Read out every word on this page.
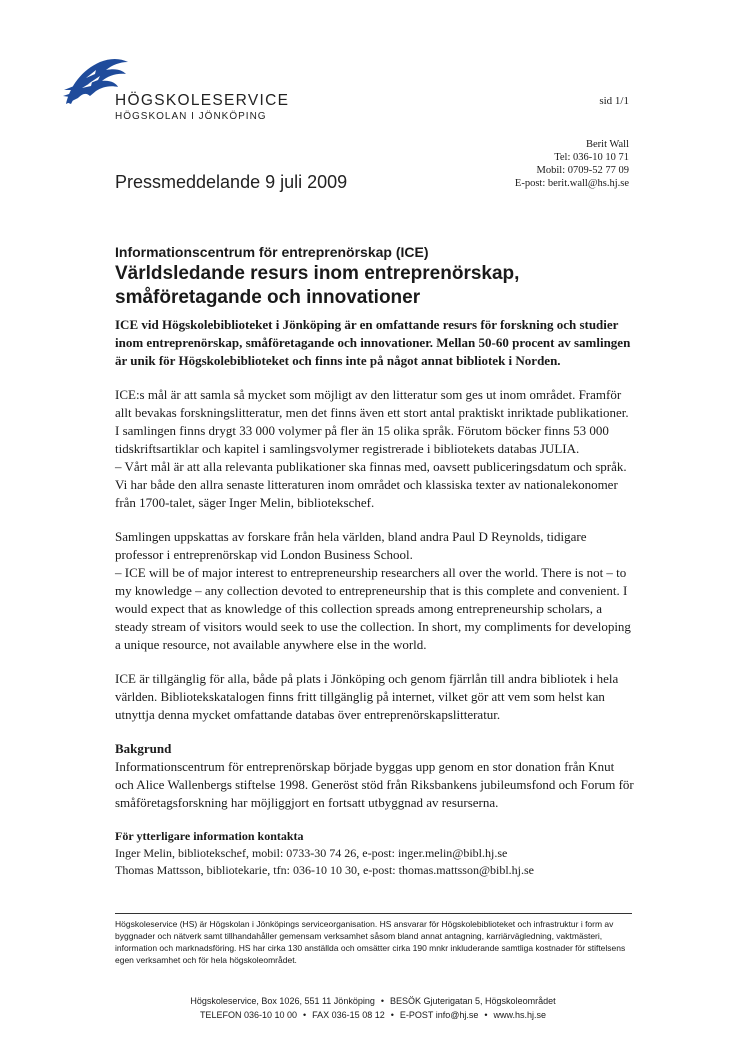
HÖGSKOLESERVICE
HÖGSKOLAN I JÖNKÖPING
sid 1/1
Berit Wall
Tel: 036-10 10 71
Mobil: 0709-52 77 09
E-post: berit.wall@hs.hj.se
Pressmeddelande 9 juli 2009
Informationscentrum för entreprenörskap (ICE)
Världsledande resurs inom entreprenörskap, småföretagande och innovationer

ICE vid Högskolebiblioteket i Jönköping är en omfattande resurs för forskning och studier inom entreprenörskap, småföretagande och innovationer. Mellan 50-60 procent av samlingen är unik för Högskolebiblioteket och finns inte på något annat bibliotek i Norden.

ICE:s mål är att samla så mycket som möjligt av den litteratur som ges ut inom området. Framför allt bevakas forskningslitteratur, men det finns även ett stort antal praktiskt inriktade publikationer. I samlingen finns drygt 33 000 volymer på fler än 15 olika språk. Förutom böcker finns 53 000 tidskriftsartiklar och kapitel i samlingsvolymer registrerade i bibliotekets databas JULIA.
– Vårt mål är att alla relevanta publikationer ska finnas med, oavsett publiceringsdatum och språk. Vi har både den allra senaste litteraturen inom området och klassiska texter av nationalekonomer från 1700-talet, säger Inger Melin, bibliotekschef.

Samlingen uppskattas av forskare från hela världen, bland andra Paul D Reynolds, tidigare professor i entreprenörskap vid London Business School.
– ICE will be of major interest to entrepreneurship researchers all over the world. There is not – to my knowledge – any collection devoted to entrepreneurship that is this complete and convenient. I would expect that as knowledge of this collection spreads among entrepreneurship scholars, a steady stream of visitors would seek to use the collection. In short, my compliments for developing a unique resource, not available anywhere else in the world.

ICE är tillgänglig för alla, både på plats i Jönköping och genom fjärrlån till andra bibliotek i hela världen. Bibliotekskatalogen finns fritt tillgänglig på internet, vilket gör att vem som helst kan utnyttja denna mycket omfattande databas över entreprenörskapslitteratur.

Bakgrund

Informationscentrum för entreprenörskap började byggas upp genom en stor donation från Knut och Alice Wallenbergs stiftelse 1998. Generöst stöd från Riksbankens jubileumsfond och Forum för småföretagsforskning har möjliggjort en fortsatt utbyggnad av resurserna.

För ytterligare information kontakta

Inger Melin, bibliotekschef, mobil: 0733-30 74 26, e-post: inger.melin@bibl.hj.se

Thomas Mattsson, bibliotekarie, tfn: 036-10 10 30, e-post: thomas.mattsson@bibl.hj.se

Högskoleservice (HS) är Högskolan i Jönköpings serviceorganisation. HS ansvarar för Högskolebiblioteket och infrastruktur i form av byggnader och nätverk samt tillhandahåller gemensam verksamhet såsom bland annat antagning, karriärvägledning, vaktmästeri, information och marknadsföring. HS har cirka 130 anställda och omsätter cirka 190 mnkr inkluderande samtliga kostnader för stiftelsens egen verksamhet och för hela högskoleområdet.
Högskoleservice, Box 1026, 551 11 Jönköping • BESÖK Gjuterigatan 5, Högskoleområdet
TELEFON 036-10 10 00 • FAX 036-15 08 12 • E-POST info@hj.se • www.hs.hj.se
